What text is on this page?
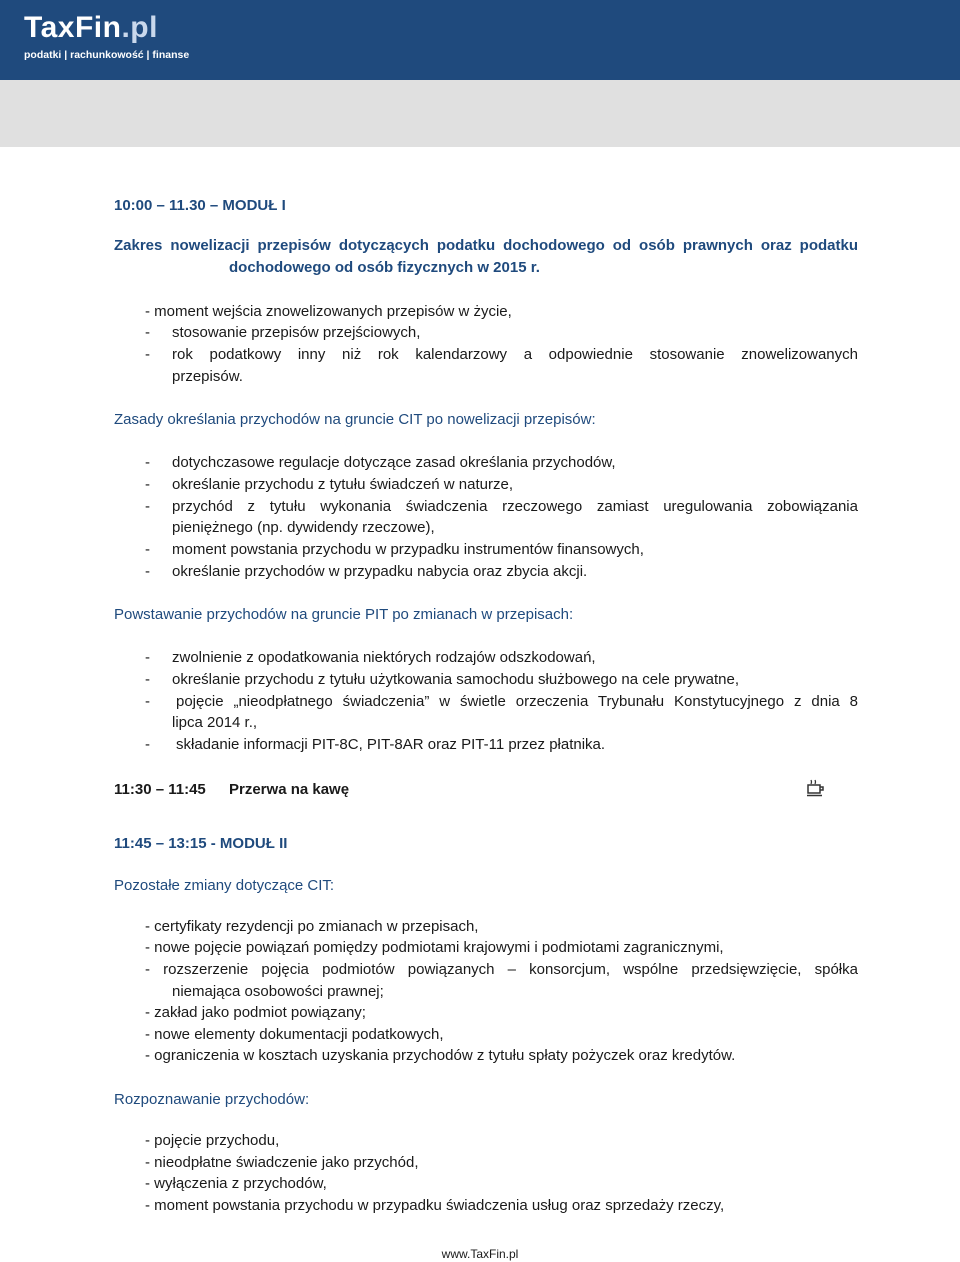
TaxFin.pl
podatki | rachunkowość | finanse
10:00 – 11.30 – MODUŁ I
Zakres nowelizacji przepisów dotyczących podatku dochodowego od osób prawnych oraz podatku
dochodowego od osób fizycznych w 2015 r.
- moment wejścia znowelizowanych przepisów w życie,
- stosowanie przepisów przejściowych,
- rok podatkowy inny niż rok kalendarzowy a odpowiednie stosowanie znowelizowanych
przepisów.
Zasady określania przychodów na gruncie CIT po nowelizacji przepisów:
- dotychczasowe regulacje dotyczące zasad określania przychodów,
- określanie przychodu z tytułu świadczeń w naturze,
- przychód z tytułu wykonania świadczenia rzeczowego zamiast uregulowania zobowiązania
pieniężnego (np. dywidendy rzeczowe),
- moment powstania przychodu w przypadku instrumentów finansowych,
- określanie przychodów w przypadku nabycia oraz zbycia akcji.
Powstawanie przychodów na gruncie PIT po zmianach w przepisach:
- zwolnienie z opodatkowania niektórych rodzajów odszkodowań,
- określanie przychodu z tytułu użytkowania samochodu służbowego na cele prywatne,
- pojęcie „nieodpłatnego świadczenia” w świetle orzeczenia Trybunału Konstytucyjnego z dnia 8
lipca 2014 r.,
- składanie informacji PIT-8C, PIT-8AR oraz PIT-11 przez płatnika.
11:30 – 11:45 Przerwa na kawę
11:45 – 13:15 - MODUŁ II
Pozostałe zmiany dotyczące CIT:
- certyfikaty rezydencji po zmianach w przepisach,
- nowe pojęcie powiązań pomiędzy podmiotami krajowymi i podmiotami zagranicznymi,
- rozszerzenie pojęcia podmiotów powiązanych – konsorcjum, wspólne przedsięwzięcie, spółka
niemająca osobowości prawnej;
- zakład jako podmiot powiązany;
- nowe elementy dokumentacji podatkowych,
- ograniczenia w kosztach uzyskania przychodów z tytułu spłaty pożyczek oraz kredytów.
Rozpoznawanie przychodów:
- pojęcie przychodu,
- nieodpłatne świadczenie jako przychód,
- wyłączenia z przychodów,
- moment powstania przychodu w przypadku świadczenia usług oraz sprzedaży rzeczy,
www.TaxFin.pl
